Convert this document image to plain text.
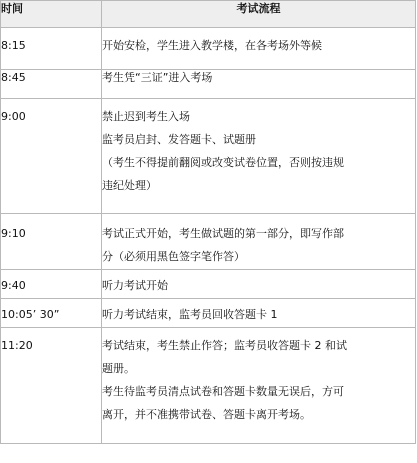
时间	考试流程
8:15	开始安检，学生进入教学楼，在各考场外等候

8:45	考生凭“三证”进入考场

9:00	禁止迟到考生入场
监考员启封、发答题卡、试题册
（考生不得提前翻阅或改变试卷位置，否则按违规
违纪处理）

9:10	考试正式开始，考生做试题的第一部分，即写作部
分（必须用黑色签字笔作答）

9:40	听力考试开始

10:05’ 30”	听力考试结束，监考员回收答题卡 1

11:20	考试结束，考生禁止作答；监考员收答题卡 2 和试
题册。
考生待监考员清点试卷和答题卡数量无误后，方可
离开，并不准携带试卷、答题卡离开考场。
